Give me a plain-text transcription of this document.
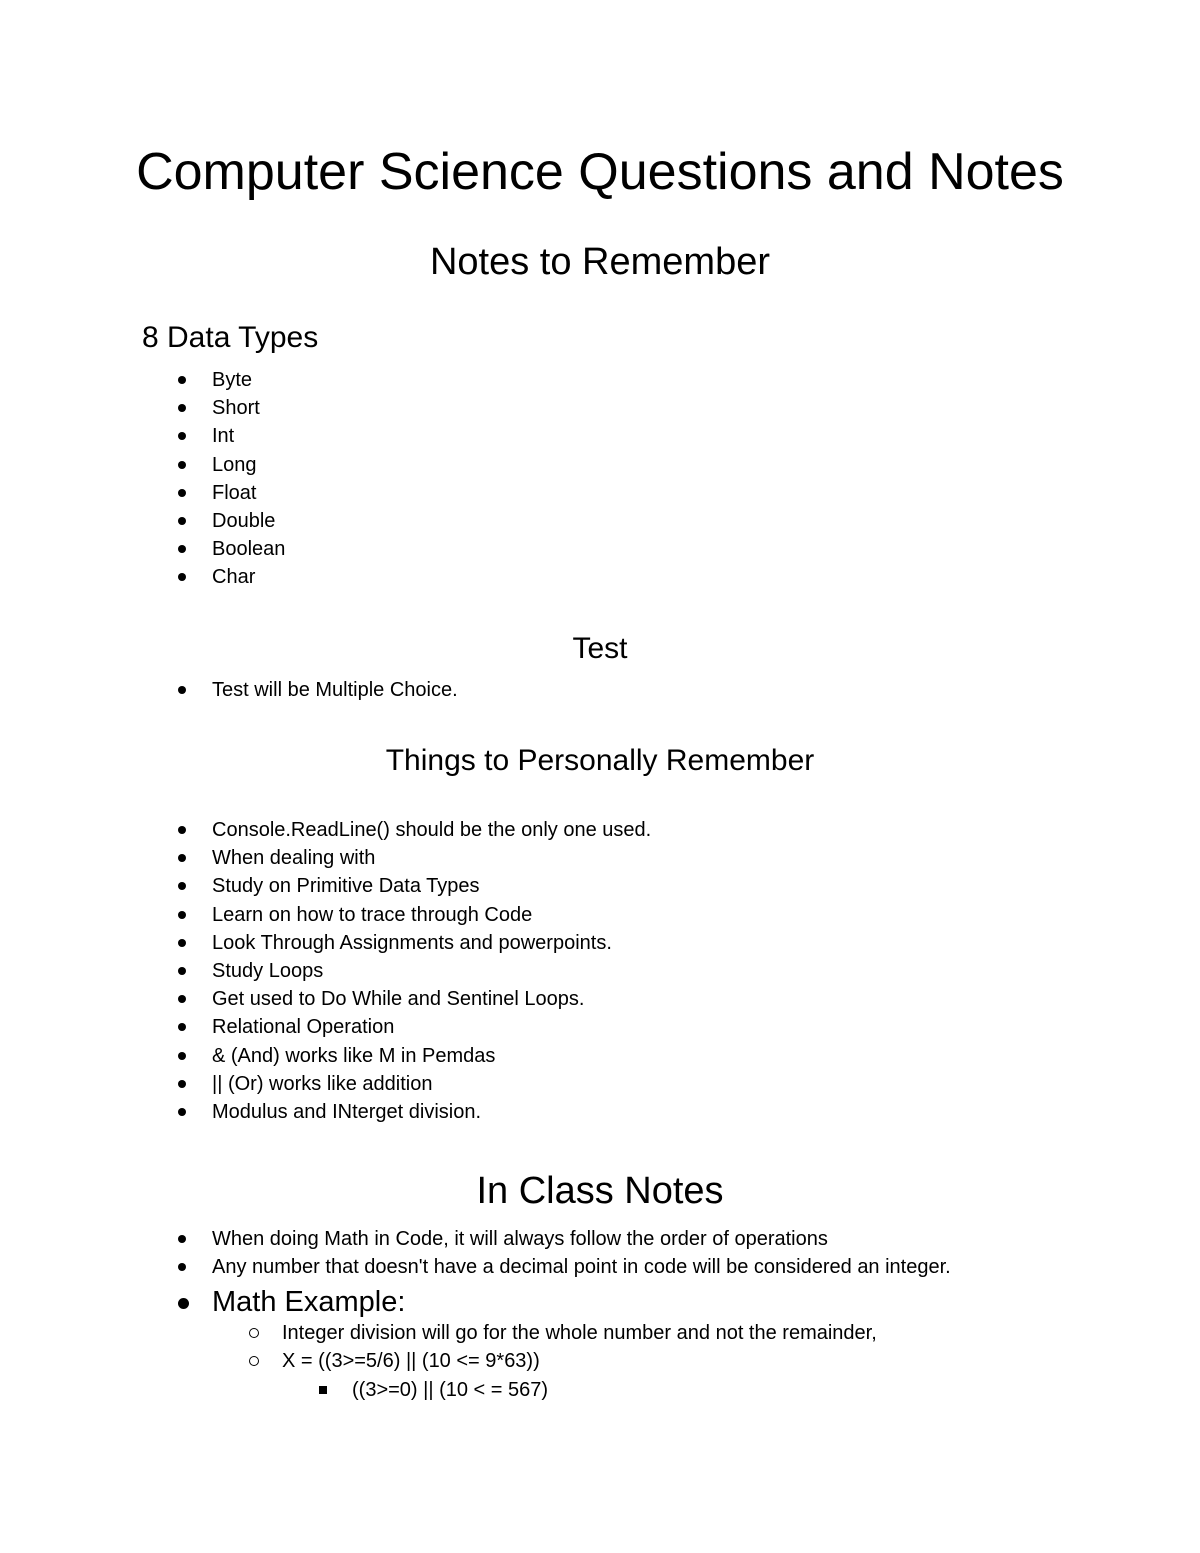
Computer Science Questions and Notes
Notes to Remember
8 Data Types
Byte
Short
Int
Long
Float
Double
Boolean
Char
Test
Test will be Multiple Choice.
Things to Personally Remember
Console.ReadLine() should be the only one used.
When dealing with
Study on Primitive Data Types
Learn on how to trace through Code
Look Through Assignments and powerpoints.
Study Loops
Get used to Do While and Sentinel Loops.
Relational Operation
& (And) works like M in Pemdas
|| (Or) works like addition
Modulus and INterget division.
In Class Notes
When doing Math in Code, it will always follow the order of operations
Any number that doesn't have a decimal point in code will be considered an integer.
Math Example:
Integer division will go for the whole number and not the remainder,
X = ((3>=5/6) || (10 <= 9*63))
((3>=0) || (10 < = 567)
